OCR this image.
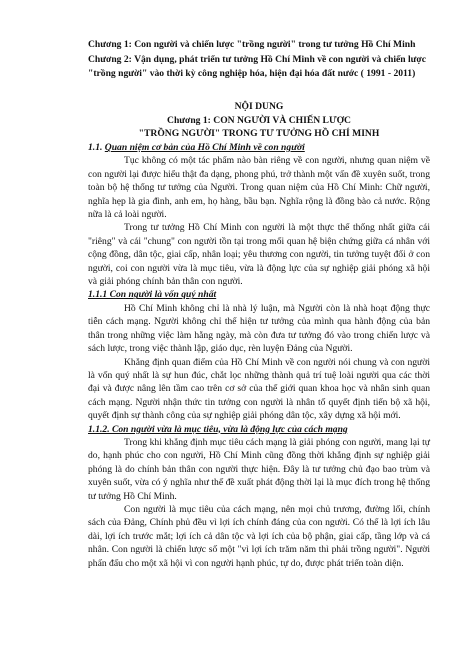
Chương 1: Con người và chiến lược "trồng người" trong tư tưởng Hồ Chí Minh

Chương 2: Vận dụng, phát triển tư tưởng Hồ Chí Minh về con người và chiến lược "trồng người" vào thời kỳ công nghiệp hóa, hiện đại hóa đất nước ( 1991 - 2011)

NỘI DUNG
Chương 1: CON NGƯỜI VÀ CHIẾN LƯỢC
"TRỒNG NGƯỜI" TRONG TƯ TƯỞNG HỒ CHÍ MINH

1.1. Quan niệm cơ bản của Hồ Chí Minh về con người

Tục không có một tác phẩm nào bàn riêng về con người, nhưng quan niệm về con người lại được hiểu thật đa dạng, phong phú, trở thành một vấn đề xuyên suốt, trong toàn bộ hệ thống tư tưởng của Người. Trong quan niệm của Hồ Chí Minh: Chữ người, nghĩa hẹp là gia đình, anh em, họ hàng, bầu bạn. Nghĩa rộng là đồng bào cả nước. Rộng nữa là cả loài người.

Trong tư tưởng Hồ Chí Minh con người là một thực thể thống nhất giữa cái "riêng" và cái "chung" con người tồn tại trong mối quan hệ biện chứng giữa cá nhân với cộng đồng, dân tộc, giai cấp, nhân loại; yêu thương con người, tin tưởng tuyệt đối ở con người, coi con người vừa là mục tiêu, vừa là động lực của sự nghiệp giải phóng xã hội và giải phóng chính bản thân con người.

1.1.1 Con người là vốn quý nhất

Hồ Chí Minh không chỉ là nhà lý luận, mà Người còn là nhà hoạt động thực tiễn cách mạng. Người không chỉ thể hiện tư tưởng của mình qua hành động của bản thân trong những việc làm hằng ngày, mà còn đưa tư tưởng đó vào trong chiến lược và sách lược, trong việc thành lập, giáo dục, rèn luyện Đảng của Người.

Khẳng định quan điểm của Hồ Chí Minh về con người nói chung và con người là vốn quý nhất là sự hun đúc, chắt lọc những thành quả trí tuệ loài người qua các thời đại và được nâng lên tầm cao trên cơ sở của thế giới quan khoa học và nhân sinh quan cách mạng. Người nhận thức tin tưởng con người là nhân tố quyết định tiến bộ xã hội, quyết định sự thành công của sự nghiệp giải phóng dân tộc, xây dựng xã hội mới.

1.1.2. Con người vừa là mục tiêu, vừa là động lực của cách mạng

Trong khi khẳng định mục tiêu cách mạng là giải phóng con người, mang lại tự do, hạnh phúc cho con người, Hồ Chí Minh cũng đồng thời khẳng định sự nghiệp giải phóng là do chính bản thân con người thực hiện. Đây là tư tưởng chủ đạo bao trùm và xuyên suốt, vừa có ý nghĩa như thế đề xuất phát động thời lại là mục đích trong hệ thống tư tưởng Hồ Chí Minh.

Con người là mục tiêu của cách mạng, nên mọi chủ trương, đường lối, chính sách của Đảng, Chính phủ đều vì lợi ích chính đáng của con người. Có thể là lợi ích lâu dài, lợi ích trước mắt; lợi ích cả dân tộc và lợi ích của bộ phận, giai cấp, tầng lớp và cá nhân. Con người là chiến lược số một "vì lợi ích trăm năm thì phải trồng người". Người phấn đấu cho một xã hội vì con người hạnh phúc, tự do, được phát triển toàn diện.
